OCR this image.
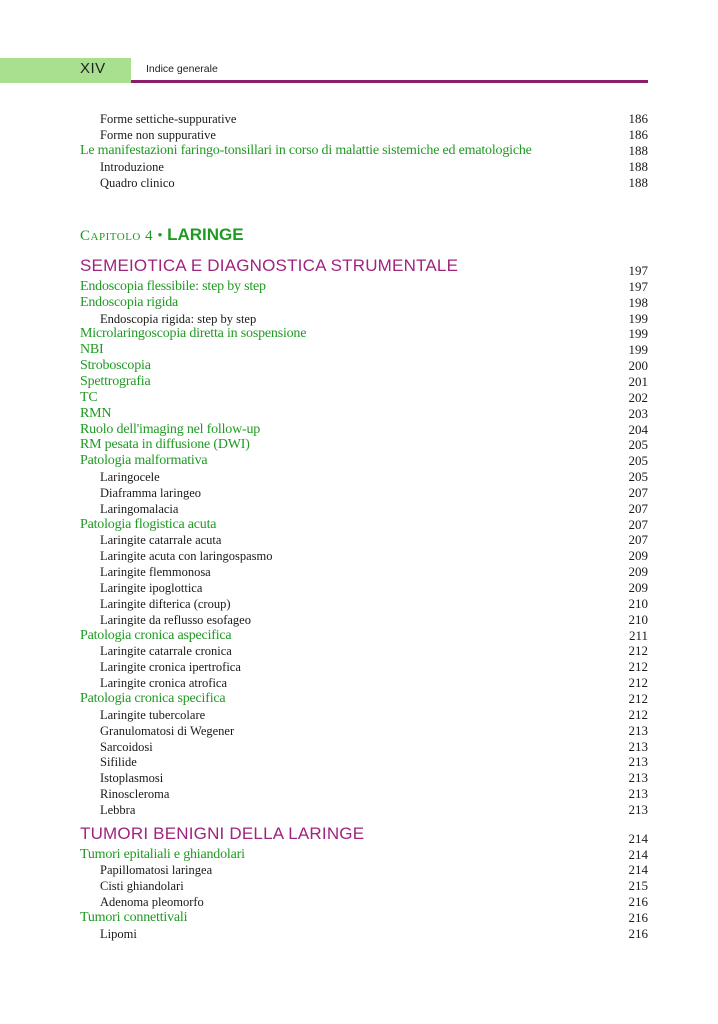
XIV	Indice generale
Forme settiche-suppurative	186
Forme non suppurative	186
Le manifestazioni faringo-tonsillari in corso di malattie sistemiche ed ematologiche	188
Introduzione	188
Quadro clinico	188
Capitolo 4 • LARINGE
SEMEIOTICA E DIAGNOSTICA STRUMENTALE	197
Endoscopia flessibile: step by step	197
Endoscopia rigida	198
Endoscopia rigida: step by step	199
Microlaringoscopia diretta in sospensione	199
NBI	199
Stroboscopia	200
Spettrografia	201
TC	202
RMN	203
Ruolo dell'imaging nel follow-up	204
RM pesata in diffusione (DWI)	205
Patologia malformativa	205
Laringocele	205
Diaframma laringeo	207
Laringomalacia	207
Patologia flogistica acuta	207
Laringite catarrale acuta	207
Laringite acuta con laringospasmo	209
Laringite flemmonosa	209
Laringite ipoglottica	209
Laringite difterica (croup)	210
Laringite da reflusso esofageo	210
Patologia cronica aspecifica	211
Laringite catarrale cronica	212
Laringite cronica ipertrofica	212
Laringite cronica atrofica	212
Patologia cronica specifica	212
Laringite tubercolare	212
Granulomatosi di Wegener	213
Sarcoidosi	213
Sifilide	213
Istoplasmosi	213
Rinoscleroma	213
Lebbra	213
TUMORI BENIGNI DELLA LARINGE	214
Tumori epitaliali e ghiandolari	214
Papillomatosi laringea	214
Cisti ghiandolari	215
Adenoma pleomorfo	216
Tumori connettivali	216
Lipomi	216
